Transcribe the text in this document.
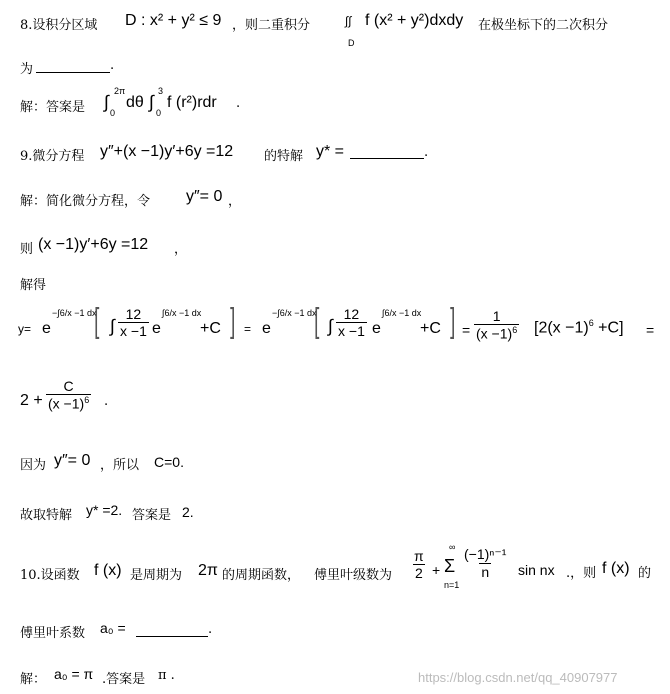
8.设积分区域 D : x² + y² ≤ 9 ，则二重积分	∫∫
D
f (x² + y²)dxdy 在极坐标下的二次积分
为	.
解：答案是 ∫
2π
0
dθ ∫
3
0
f (r²)rdr .
9.微分方程 y″+(x −1)y′+6y =12 的特解 y* =	.
解：简化微分方程，令 y″= 0 ，
则 (x −1)y′+6y =12 ，
解得
y= e
−∫6/x −1 dx
[ ∫ $\frac{12}{x -1}$ e
∫6/x −1 dx
+C ] = e
−∫6/x −1 dx
[ ∫ $\frac{12}{x -1}$ e
∫6/x −1 dx
+C ] = $\frac{1}{(x -1)^6} [2(x -1)^6 +C]$ =
$2 + \frac{C}{(x -1)^6}$ .
因为 y″= 0 ，所以 C=0.
故取特解 y* =2. 答案是 2.
10.设函数 f (x) 是周期为 2π 的周期函数， 傅里叶级数为 $\frac{\pi}{2}$ +
∞
Σ
n=1
$\frac{\text{(−1)ⁿ⁻¹}}{n}$ sin nx .，则 f (x) 的
傅里叶系数 a₀ =	.
解： a₀ = π .答案是 π .	https://blog.csdn.net/qq_40907977
